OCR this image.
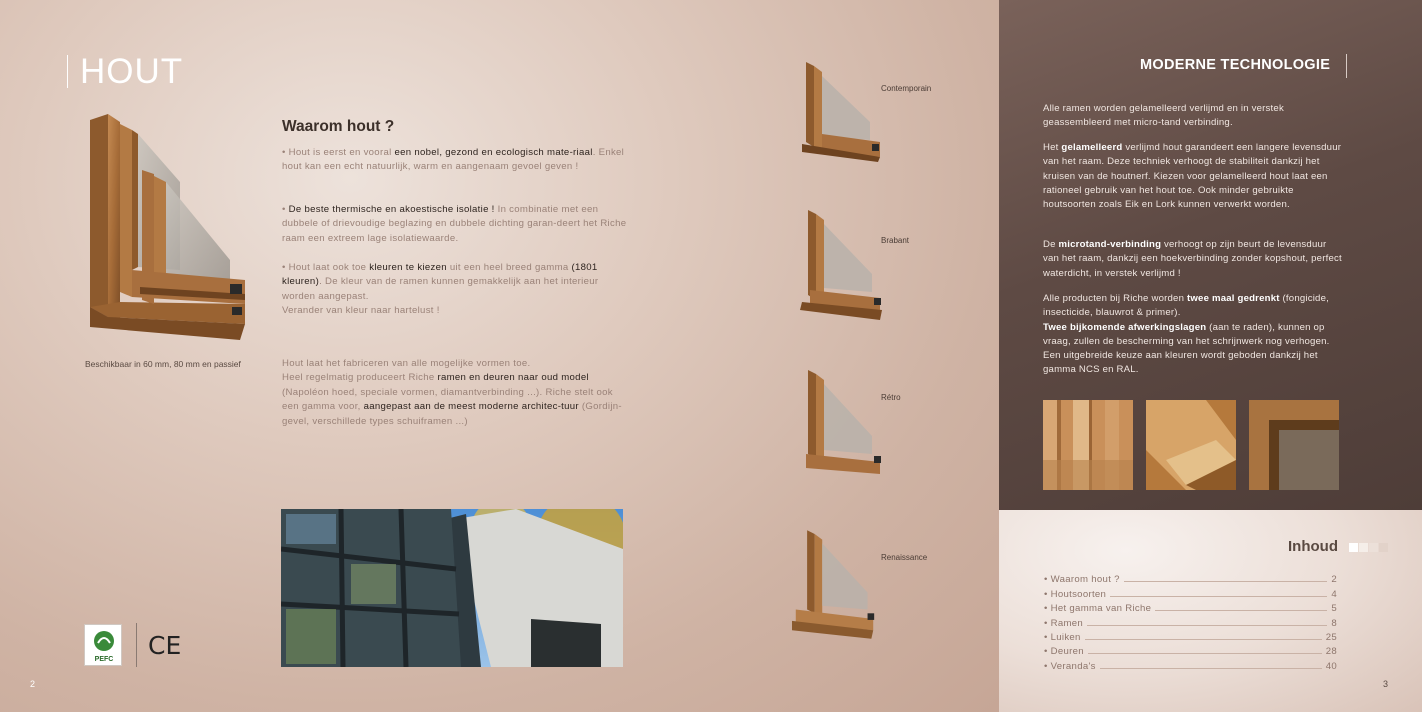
HOUT
Beschikbaar in 60 mm, 80 mm en passief
Waarom hout ?

• Hout is eerst en vooral een nobel, gezond en ecologisch mate-riaal. Enkel hout kan een echt natuurlijk, warm en aangenaam gevoel geven !

• De beste thermische en akoestische isolatie ! In combinatie met een dubbele of drievoudige beglazing en dubbele dichting garan-deert het Riche raam een extreem lage isolatiewaarde.

• Hout laat ook toe kleuren te kiezen uit een heel breed gamma (1801 kleuren). De kleur van de ramen kunnen gemakkelijk aan het interieur worden aangepast.
Verander van kleur naar hartelust !

Hout laat het fabriceren van alle mogelijke vormen toe.
Heel regelmatig produceert Riche ramen en deuren naar oud model (Napoléon hoed, speciale vormen, diamantverbinding ...). Riche stelt ook een gamma voor, aangepast aan de meest moderne architec-tuur (Gordijn-gevel, verschillede types schuiframen ...)

PEFC CE
2
Contemporain
Brabant
Rétro
Renaissance
MODERNE TECHNOLOGIE

Alle ramen worden gelamelleerd verlijmd en in verstek geassembleerd met micro-tand verbinding.

Het gelamelleerd verlijmd hout garandeert een langere levensduur van het raam. Deze techniek verhoogt de stabiliteit dankzij het kruisen van de houtnerf. Kiezen voor gelamelleerd hout laat een rationeel gebruik van het hout toe. Ook minder gebruikte houtsoorten zoals Eik en Lork kunnen verwerkt worden.

De microtand-verbinding verhoogt op zijn beurt de levensduur van het raam, dankzij een hoekverbinding zonder kopshout, perfect waterdicht, in verstek verlijmd !

Alle producten bij Riche worden twee maal gedrenkt (fongicide, insecticide, blauwrot & primer).
Twee bijkomende afwerkingslagen (aan te raden), kunnen op vraag, zullen de bescherming van het schrijnwerk nog verhogen. Een uitgebreide keuze aan kleuren wordt geboden dankzij het gamma NCS en RAL.

Inhoud
• Waarom hout ?	2
• Houtsoorten	4
• Het gamma van Riche	5
• Ramen	8
• Luiken	25
• Deuren	28
• Veranda's	40
3
